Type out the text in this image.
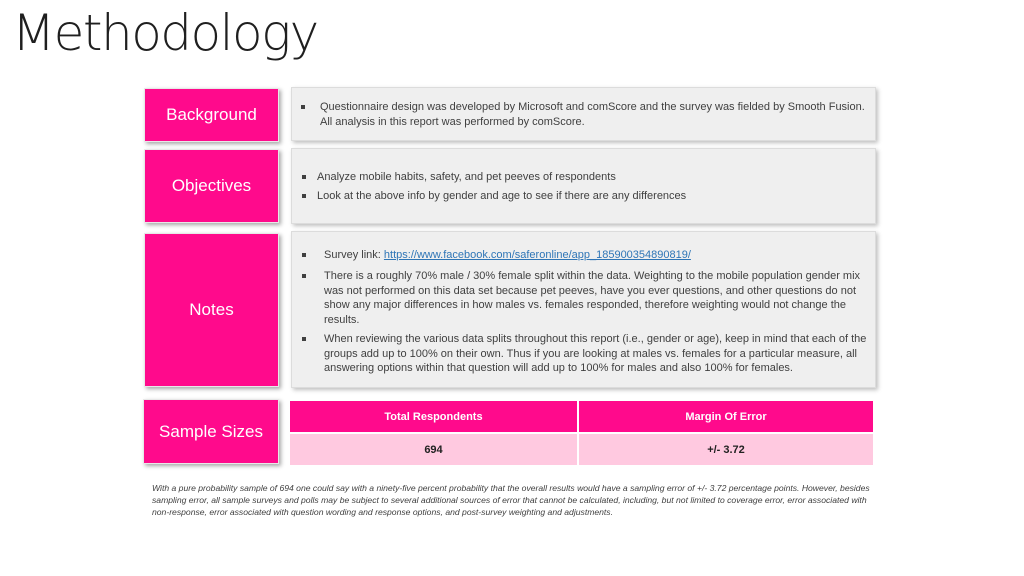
Methodology
Background	Questionnaire design was developed by Microsoft and comScore and the survey was fielded by Smooth Fusion. All analysis in this report was performed by comScore.
Objectives	Analyze mobile habits, safety, and pet peeves of respondents
Look at the above info by gender and age to see if there are any differences
Notes
Survey link: https://www.facebook.com/saferonline/app_185900354890819/
There is a roughly 70% male / 30% female split within the data. Weighting to the mobile population gender mix was not performed on this data set because pet peeves, have you ever questions, and other questions do not show any major differences in how males vs. females responded, therefore weighting would not change the results.
When reviewing the various data splits throughout this report (i.e., gender or age), keep in mind that each of the groups add up to 100% on their own. Thus if you are looking at males vs. females for a particular measure, all answering options within that question will add up to 100% for males and also 100% for females.
Sample Sizes
Total Respondents	Margin Of Error
694	+/- 3.72
With a pure probability sample of 694 one could say with a ninety-five percent probability that the overall results would have a sampling error of +/- 3.72 percentage points. However, besides sampling error, all sample surveys and polls may be subject to several additional sources of error that cannot be calculated, including, but not limited to coverage error, error associated with non-response, error associated with question wording and response options, and post-survey weighting and adjustments.
